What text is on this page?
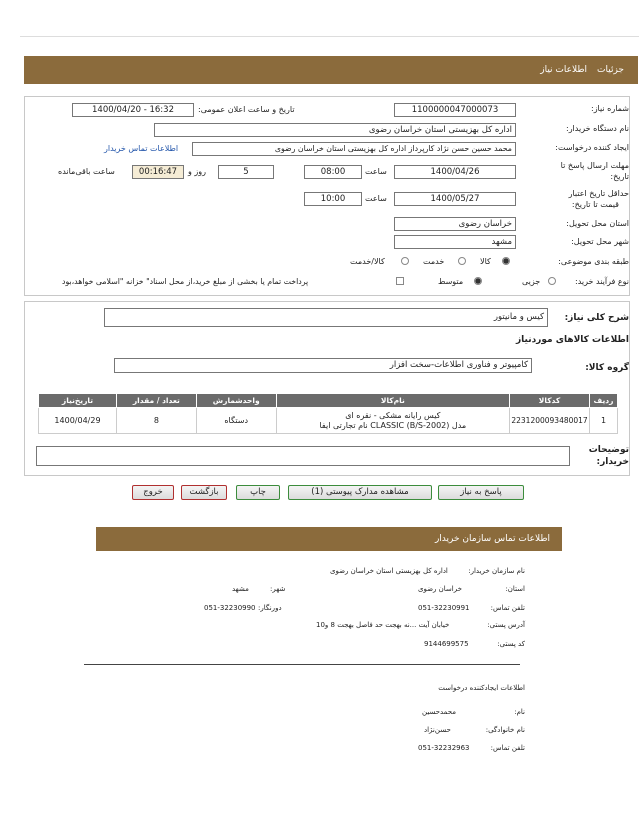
جزئیات
اطلاعات نیاز
شماره نیاز:
1100000047000073
تاریخ و ساعت اعلان عمومی:
1400/04/20 - 16:32
نام دستگاه خریدار:
اداره کل بهزیستی استان خراسان رضوی
ایجاد کننده درخواست:
محمد حسین حسن نژاد کارپرداز اداره کل بهزیستی استان خراسان رضوی
اطلاعات تماس خریدار
مهلت ارسال پاسخ تا
تاریخ:
1400/04/26
ساعت
08:00
5
روز و
00:16:47
ساعت باقی‌مانده
حداقل تاریخ اعتبار
قیمت تا تاریخ:
1400/05/27
ساعت
10:00
استان محل تحویل:
خراسان رضوی
شهر محل تحویل:
مشهد
طبقه بندی موضوعی:
کالا
خدمت
کالا/خدمت
نوع فرآیند خرید:
جزیی
متوسط
پرداخت تمام یا بخشی از مبلغ خرید،از محل اسناد" خزانه "اسلامی خواهد،بود
شرح کلی نیاز:
کیس و مانیتور
اطلاعات کالاهای موردنیاز
گروه کالا:
کامپیوتر و فناوری اطلاعات-سخت افزار
ردیف	کدکالا	نام‌کالا	واحدشمارش	تعداد / مقدار	تاریخ‌نیاز
1	2231200093480017	کیس رایانه مشکی - نقره ای
مدل (B/S-2002) CLASSIC نام تجارتی ایفا	دستگاه	8	1400/04/29
توضیحات
خریدار:
پاسخ به نیاز
مشاهده مدارک پیوستی (1)
چاپ
بازگشت
خروج
اطلاعات تماس سازمان خریدار
نام سازمان خریدار:
اداره کل بهزیستی استان خراسان رضوی
استان:
خراسان رضوی
شهر:
مشهد
تلفن تماس:
051-32230991
دورنگار:
051-32230990
آدرس پستی:
خیابان آیت ...نه بهجت حد فاصل بهجت 8 و10
کد پستی:
9144699575
اطلاعات ایجادکننده درخواست
نام:
محمدحسین
نام خانوادگی:
حسن‌نژاد
تلفن تماس:
051-32232963
